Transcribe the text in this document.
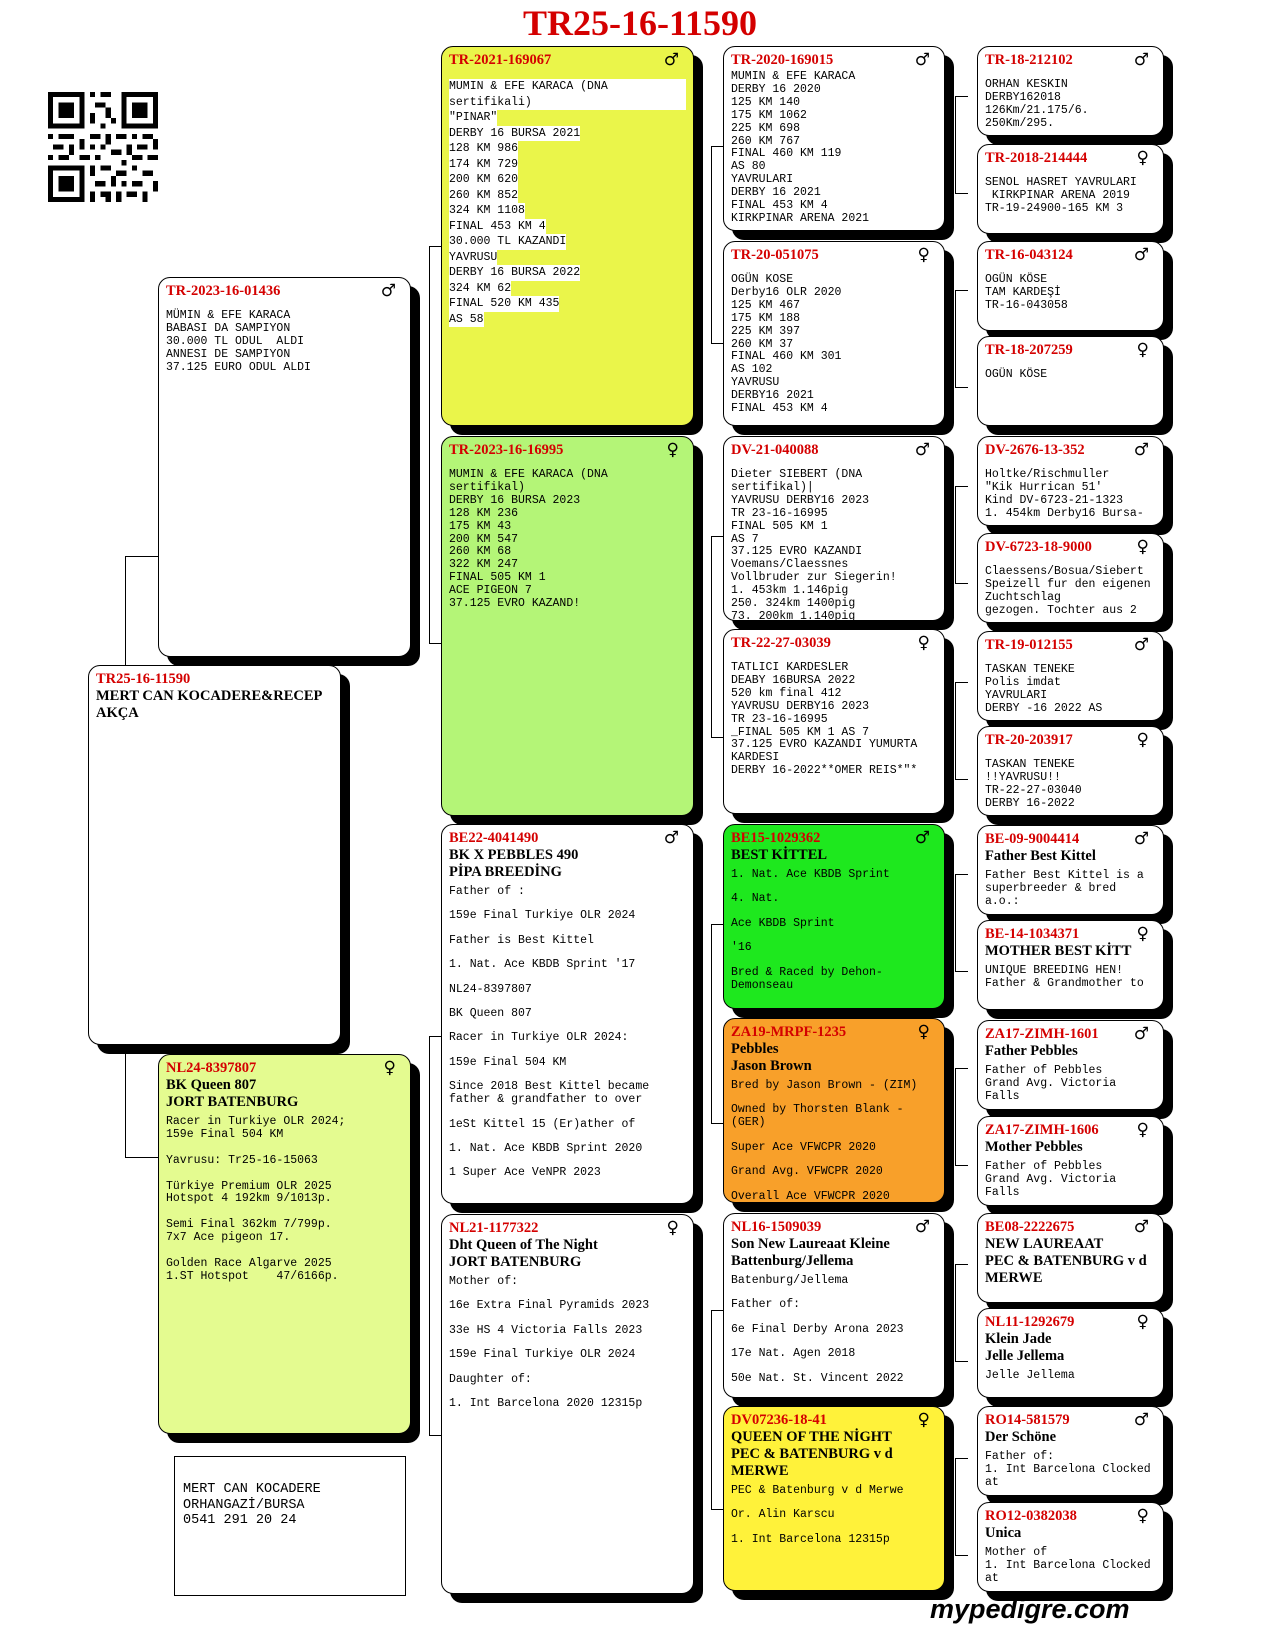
TR25-16-11590
TR25-16-11590
MERT CAN KOCADERE&RECEP AKÇA
TR-2023-16-01436	♂
MÜMIN & EFE KARACA
BABASI DA SAMPIYON
30.000 TL ODUL  ALDI
ANNESI DE SAMPIYON
37.125 EURO ODUL ALDI
NL24-8397807	♀
BK Queen 807
JORT BATENBURG
Racer in Turkiye OLR 2024;
159e Final 504 KM
Yavrusu: Tr25-16-15063
Türkiye Premium OLR 2025
Hotspot 4 192km 9/1013p.
Semi Final 362km 7/799p.
7x7 Ace pigeon 17.
Golden Race Algarve 2025
1.ST Hotspot    47/6166p.
TR-2021-169067	♂
MUMIN & EFE KARACA (DNA sertifikali)
"PINAR"
DERBY 16 BURSA 2021
128 KM 986
174 KM 729
200 KM 620
260 KM 852
324 KM 1108
FINAL 453 KM 4
30.000 TL KAZANDI
YAVRUSU
DERBY 16 BURSA 2022
324 KM 62
FINAL 520 KM 435
AS 58
TR-2023-16-16995	♀
MUMIN & EFE KARACA (DNA sertifikal)
DERBY 16 BURSA 2023
128 KM 236
175 KM 43
200 KM 547
260 KM 68
322 KM 247
FINAL 505 KM 1
ACE PIGEON 7
37.125 EVRO KAZAND!
BE22-4041490	♂
BK X PEBBLES 490
PİPA BREEDİNG
Father of :
159e Final Turkiye OLR 2024
Father is Best Kittel
1. Nat. Ace KBDB Sprint '17
NL24-8397807
BK Queen 807
Racer in Turkiye OLR 2024:
159e Final 504 KM
Since 2018 Best Kittel became father & grandfather to over
1eSt Kittel 15 (Er)ather of
1. Nat. Ace KBDB Sprint 2020
1 Super Ace VeNPR 2023
NL21-1177322	♀
Dht Queen of The Night
JORT BATENBURG
Mother of:
16e Extra Final Pyramids 2023
33e HS 4 Victoria Falls 2023
159e Final Turkiye OLR 2024
Daughter of:
1. Int Barcelona 2020 12315p
TR-2020-169015	♂
MUMIN & EFE KARACA
DERBY 16 2020
125 KM 140
175 KM 1062
225 KM 698
260 KM 767
FINAL 460 KM 119
AS 80
YAVRULARI
DERBY 16 2021
FINAL 453 KM 4
KIRKPINAR ARENA 2021
TR-20-051075	♀
OGÜN KOSE
Derby16 OLR 2020
125 KM 467
175 KM 188
225 KM 397
260 KM 37
FINAL 460 KM 301
AS 102
YAVRUSU
DERBY16 2021
FINAL 453 KM 4
DV-21-040088	♂
Dieter SIEBERT (DNA sertifikal)|
YAVRUSU DERBY16 2023
TR 23-16-16995
FINAL 505 KM 1
AS 7
37.125 EVRO KAZANDI
Voemans/Claessnes
Vollbruder zur Siegerin!
1. 453km 1.146pig
250. 324km 1400pig
73. 200km 1.140pig
TR-22-27-03039	♀
TATLICI KARDESLER
DEABY 16BURSA 2022
520 km final 412
YAVRUSU DERBY16 2023
TR 23-16-16995
_FINAL 505 KM 1 AS 7
37.125 EVRO KAZANDI YUMURTA KARDESI
DERBY 16-2022**OMER REIS*"*
BE15-1029362	♂
BEST KİTTEL
1. Nat. Ace KBDB Sprint
4. Nat.
Ace KBDB Sprint
'16
Bred & Raced by Dehon-Demonseau
ZA19-MRPF-1235	♀
Pebbles
Jason Brown
Bred by Jason Brown - (ZIM)
Owned by Thorsten Blank - (GER)
Super Ace VFWCPR 2020
Grand Avg. VFWCPR 2020
Overall Ace VFWCPR 2020
NL16-1509039	♂
Son New Laureaat Kleine
Battenburg/Jellema
Batenburg/Jellema
Father of:
6e Final Derby Arona 2023
17e Nat. Agen 2018
50e Nat. St. Vincent 2022
DV07236-18-41	♀
QUEEN OF THE NİGHT
PEC & BATENBURG v d
MERWE
PEC & Batenburg v d Merwe
Or. Alin Karscu
1. Int Barcelona 12315p
TR-18-212102	♂
ORHAN KESKIN
DERBY162018
126Km/21.175/6.
250Km/295.
TR-2018-214444	♀
SENOL HASRET YAVRULARI
KIRKPINAR ARENA 2019
TR-19-24900-165 KM 3
TR-16-043124	♂
OGÜN KÖSE
TAM KARDEŞİ
TR-16-043058
TR-18-207259	♀
OGÜN KÖSE
DV-2676-13-352	♂
Holtke/Rischmuller
"Kik Hurrican 51'
Kind DV-6723-21-1323
1. 454km Derby16 Bursa-
DV-6723-18-9000	♀
Claessens/Bosua/Siebert
Speizell fur den eigenen
Zuchtschlag
gezogen. Tochter aus 2
TR-19-012155	♂
TASKAN TENEKE
Polis imdat
YAVRULARI
DERBY -16 2022 AS
TR-20-203917	♀
TASKAN TENEKE
!!YAVRUSU!!
TR-22-27-03040
DERBY 16-2022
BE-09-9004414	♂
Father Best Kittel
Father Best Kittel is a superbreeder & bred a.o.:
BE-14-1034371	♀
MOTHER BEST KİTT
UNIQUE BREEDING HEN!
Father & Grandmother to
ZA17-ZIMH-1601	♂
Father Pebbles
Father of Pebbles
Grand Avg. Victoria Falls
ZA17-ZIMH-1606	♀
Mother Pebbles
Father of Pebbles
Grand Avg. Victoria Falls
BE08-2222675	♂
NEW LAUREAAT
PEC & BATENBURG v d
MERWE
NL11-1292679	♀
Klein Jade
Jelle Jellema
Jelle Jellema
RO14-581579	♂
Der Schöne
Father of:
1. Int Barcelona Clocked at
RO12-0382038	♀
Unica
Mother of
1. Int Barcelona Clocked at
MERT CAN KOCADERE
ORHANGAZİ/BURSA
0541 291 20 24
mypedigre.com
